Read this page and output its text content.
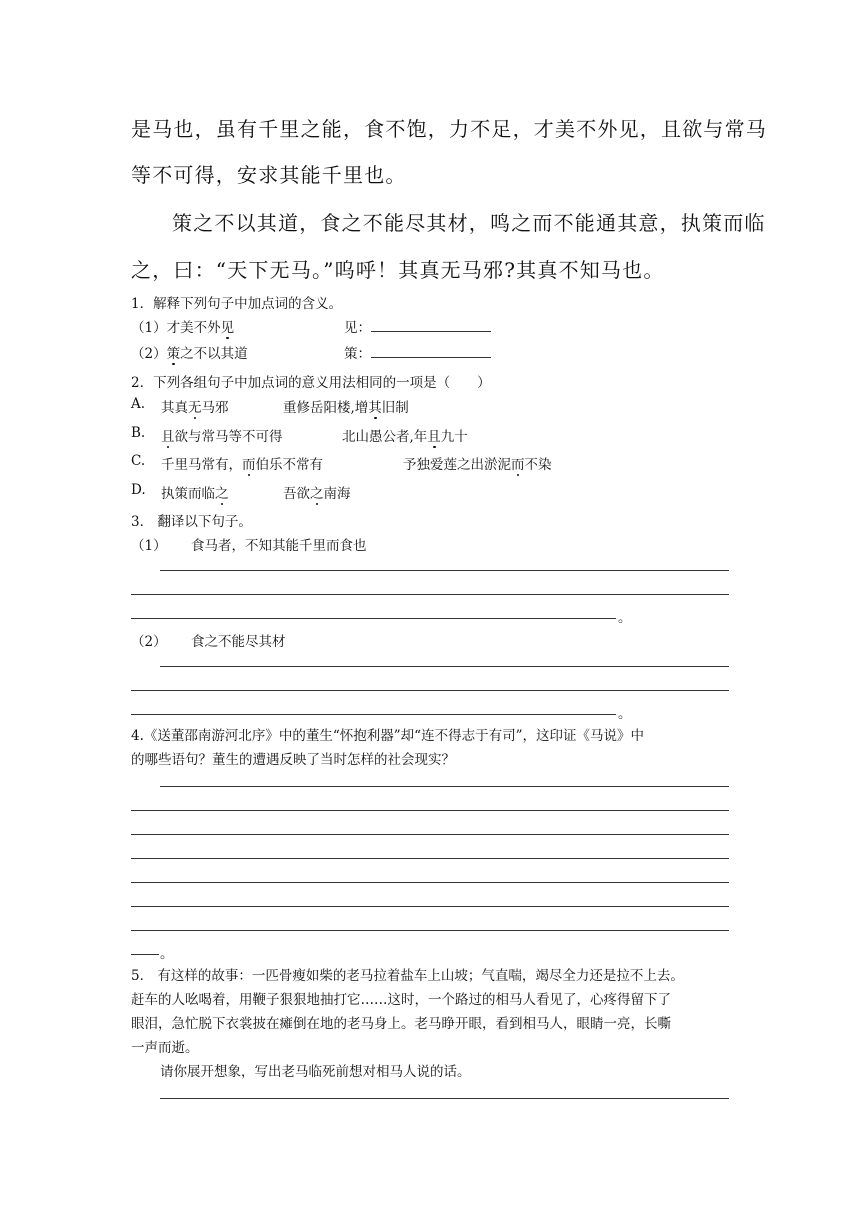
是马也，虽有千里之能，食不饱，力不足，才美不外见，且欲与常马
等不可得，安求其能千里也。
策之不以其道，食之不能尽其材，鸣之而不能通其意，执策而临
之，曰：“天下无马。”呜呼！其真无马邪?其真不知马也。
1．解释下列句子中加点词的含义。
（1）才美不外见	见：
（2）策之不以其道	策：
2．下列各组句子中加点词的意义用法相同的一项是（　　）
A. 其真无马邪	重修岳阳楼,增其旧制
B. 且欲与常马等不可得	北山愚公者,年且九十
C. 千里马常有，而伯乐不常有	予独爱莲之出淤泥而不染
D. 执策而临之	吾欲之南海
3． 翻译以下句子。
（1） 食马者，不知其能千里而食也
。
（2） 食之不能尽其材
。
4.《送董邵南游河北序》中的董生“怀抱利器”却“连不得志于有司”，这印证《马说》中
的哪些语句？董生的遭遇反映了当时怎样的社会现实？
。
5． 有这样的故事：一匹骨瘦如柴的老马拉着盐车上山坡；气直喘，竭尽全力还是拉不上去。
赶车的人吆喝着，用鞭子狠狠地抽打它……这时，一个路过的相马人看见了，心疼得留下了
眼泪，急忙脱下衣裳披在瘫倒在地的老马身上。老马睁开眼，看到相马人，眼睛一亮，长嘶
一声而逝。
请你展开想象，写出老马临死前想对相马人说的话。
